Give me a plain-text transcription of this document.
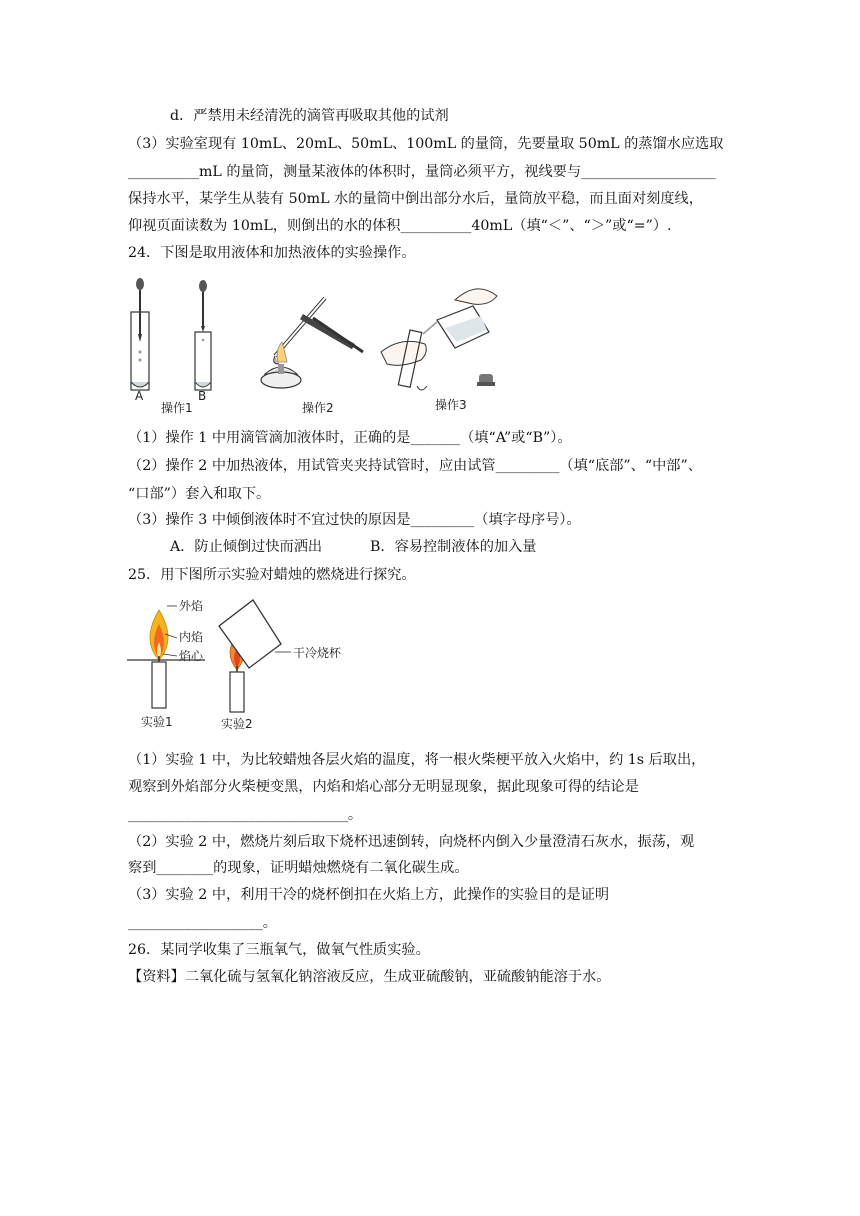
d．严禁用未经清洗的滴管再吸取其他的试剂
（3）实验室现有 10mL、20mL、50mL、100mL 的量筒，先要量取 50mL 的蒸馏水应选取
__________mL 的量筒，测量某液体的体积时，量筒必须平方，视线要与___________________
保持水平，某学生从装有 50mL 水的量筒中倒出部分水后，量筒放平稳，而且面对刻度线，
仰视页面读数为 10mL，则倒出的水的体积__________40mL（填“＜”、“＞”或“=”）.
24．下图是取用液体和加热液体的实验操作。
A	B
操作1	操作2	操作3
（1）操作 1 中用滴管滴加液体时，正确的是_______（填“A”或“B”）。
（2）操作 2 中加热液体，用试管夹夹持试管时，应由试管_________（填“底部”、“中部”、
“口部”）套入和取下。
（3）操作 3 中倾倒液体时不宜过快的原因是_________（填字母序号）。
A．防止倾倒过快而洒出	B．容易控制液体的加入量
25．用下图所示实验对蜡烛的燃烧进行探究。
外焰
内焰
焰心
实验1
干冷烧杯
实验2
（1）实验 1 中，为比较蜡烛各层火焰的温度，将一根火柴梗平放入火焰中，约 1s 后取出，
观察到外焰部分火柴梗变黑，内焰和焰心部分无明显现象，据此现象可得的结论是
_______________________________。
（2）实验 2 中，燃烧片刻后取下烧杯迅速倒转，向烧杯内倒入少量澄清石灰水，振荡，观
察到________的现象，证明蜡烛燃烧有二氧化碳生成。
（3）实验 2 中，利用干冷的烧杯倒扣在火焰上方，此操作的实验目的是证明
___________________。
26．某同学收集了三瓶氧气，做氧气性质实验。
【资料】二氧化硫与氢氧化钠溶液反应，生成亚硫酸钠，亚硫酸钠能溶于水。
